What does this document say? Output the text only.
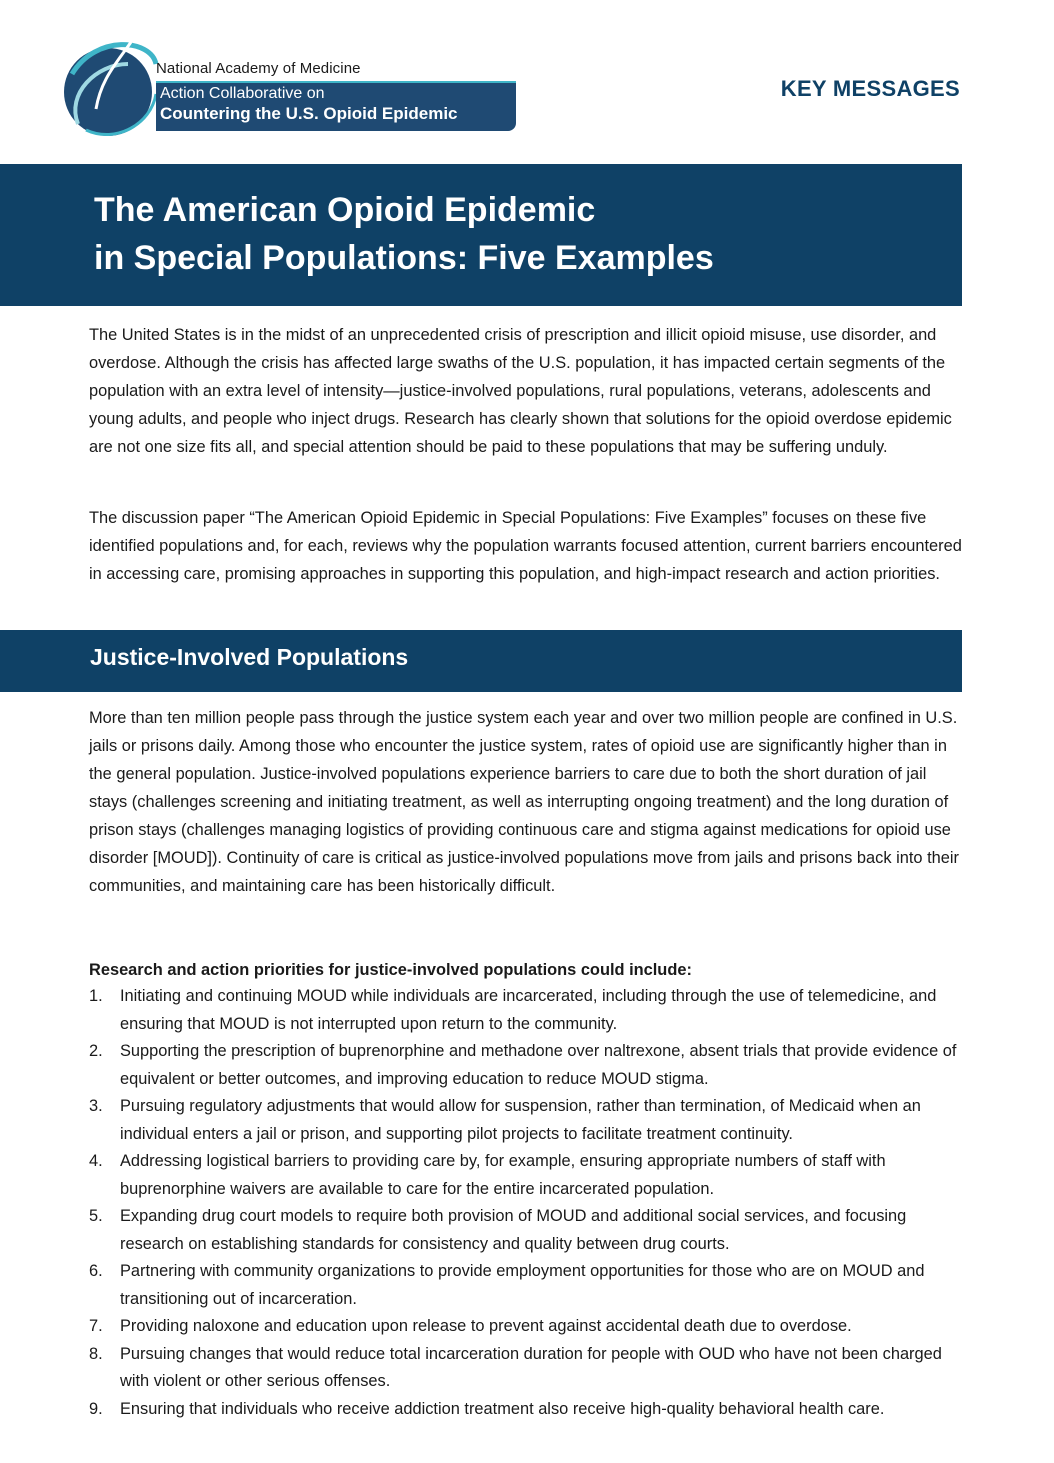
National Academy of Medicine
Action Collaborative on
Countering the U.S. Opioid Epidemic
KEY MESSAGES
The American Opioid Epidemic
in Special Populations: Five Examples

The United States is in the midst of an unprecedented crisis of prescription and illicit opioid misuse, use disorder, and overdose. Although the crisis has affected large swaths of the U.S. population, it has impacted certain segments of the population with an extra level of intensity—justice-involved populations, rural populations, veterans, adolescents and young adults, and people who inject drugs. Research has clearly shown that solutions for the opioid overdose epidemic are not one size fits all, and special attention should be paid to these populations that may be suffering unduly.

The discussion paper “The American Opioid Epidemic in Special Populations: Five Examples” focuses on these five identified populations and, for each, reviews why the population warrants focused attention, current barriers encountered in accessing care, promising approaches in supporting this population, and high-impact research and action priorities.

Justice-Involved Populations

More than ten million people pass through the justice system each year and over two million people are confined in U.S. jails or prisons daily. Among those who encounter the justice system, rates of opioid use are significantly higher than in the general population. Justice-involved populations experience barriers to care due to both the short duration of jail stays (challenges screening and initiating treatment, as well as interrupting ongoing treatment) and the long duration of prison stays (challenges managing logistics of providing continuous care and stigma against medications for opioid use disorder [MOUD]). Continuity of care is critical as justice-involved populations move from jails and prisons back into their communities, and maintaining care has been historically difficult.

Research and action priorities for justice-involved populations could include:
1. Initiating and continuing MOUD while individuals are incarcerated, including through the use of telemedicine, and ensuring that MOUD is not interrupted upon return to the community.
2. Supporting the prescription of buprenorphine and methadone over naltrexone, absent trials that provide evidence of equivalent or better outcomes, and improving education to reduce MOUD stigma.
3. Pursuing regulatory adjustments that would allow for suspension, rather than termination, of Medicaid when an individual enters a jail or prison, and supporting pilot projects to facilitate treatment continuity.
4. Addressing logistical barriers to providing care by, for example, ensuring appropriate numbers of staff with buprenorphine waivers are available to care for the entire incarcerated population.
5. Expanding drug court models to require both provision of MOUD and additional social services, and focusing research on establishing standards for consistency and quality between drug courts.
6. Partnering with community organizations to provide employment opportunities for those who are on MOUD and transitioning out of incarceration.
7. Providing naloxone and education upon release to prevent against accidental death due to overdose.
8. Pursuing changes that would reduce total incarceration duration for people with OUD who have not been charged with violent or other serious offenses.
9. Ensuring that individuals who receive addiction treatment also receive high-quality behavioral health care.
